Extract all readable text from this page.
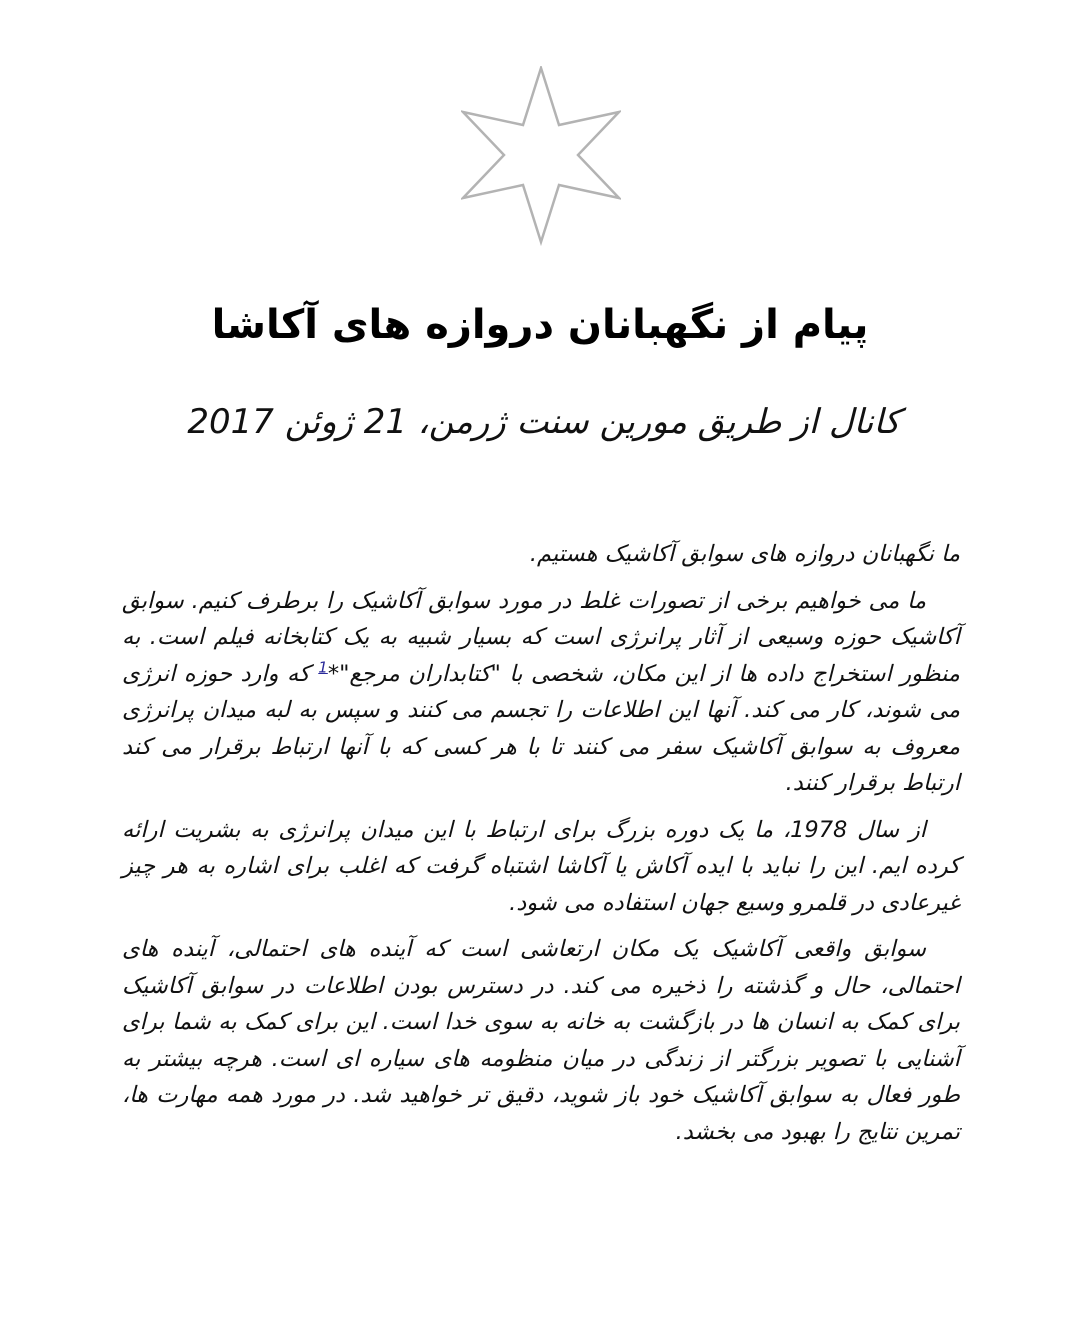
پیام از نگهبانان دروازه های آکاشا
کانال از طریق مورین سنت ژرمن، 21 ژوئن 2017

ما نگهبانان دروازه های سوابق آکاشیک هستیم.

ما می خواهیم برخی از تصورات غلط در مورد سوابق آکاشیک را برطرف کنیم. سوابق آکاشیک حوزه وسیعی از آثار پرانرژی است که بسیار شبیه به یک کتابخانه فیلم است. به منظور استخراج داده ها از این مکان، شخصی با "کتابداران مرجع"*$^1$ که وارد حوزه انرژی می شوند، کار می کند. آنها این اطلاعات را تجسم می کنند و سپس به لبه میدان پرانرژی معروف به سوابق آکاشیک سفر می کنند تا با هر کسی که با آنها ارتباط برقرار می کند ارتباط برقرار کنند.

از سال 1978، ما یک دوره بزرگ برای ارتباط با این میدان پرانرژی به بشریت ارائه کرده ایم. این را نباید با ایده آکاش یا آکاشا اشتباه گرفت که اغلب برای اشاره به هر چیز غیرعادی در قلمرو وسیع جهان استفاده می شود.

سوابق واقعی آکاشیک یک مکان ارتعاشی است که آینده های احتمالی، آینده های احتمالی، حال و گذشته را ذخیره می کند. در دسترس بودن اطلاعات در سوابق آکاشیک برای کمک به انسان ها در بازگشت به خانه به سوی خدا است. این برای کمک به شما برای آشنایی با تصویر بزرگتر از زندگی در میان منظومه های سیاره ای است. هرچه بیشتر به طور فعال به سوابق آکاشیک خود باز شوید، دقیق تر خواهید شد. در مورد همه مهارت ها، تمرین نتایج را بهبود می بخشد.
